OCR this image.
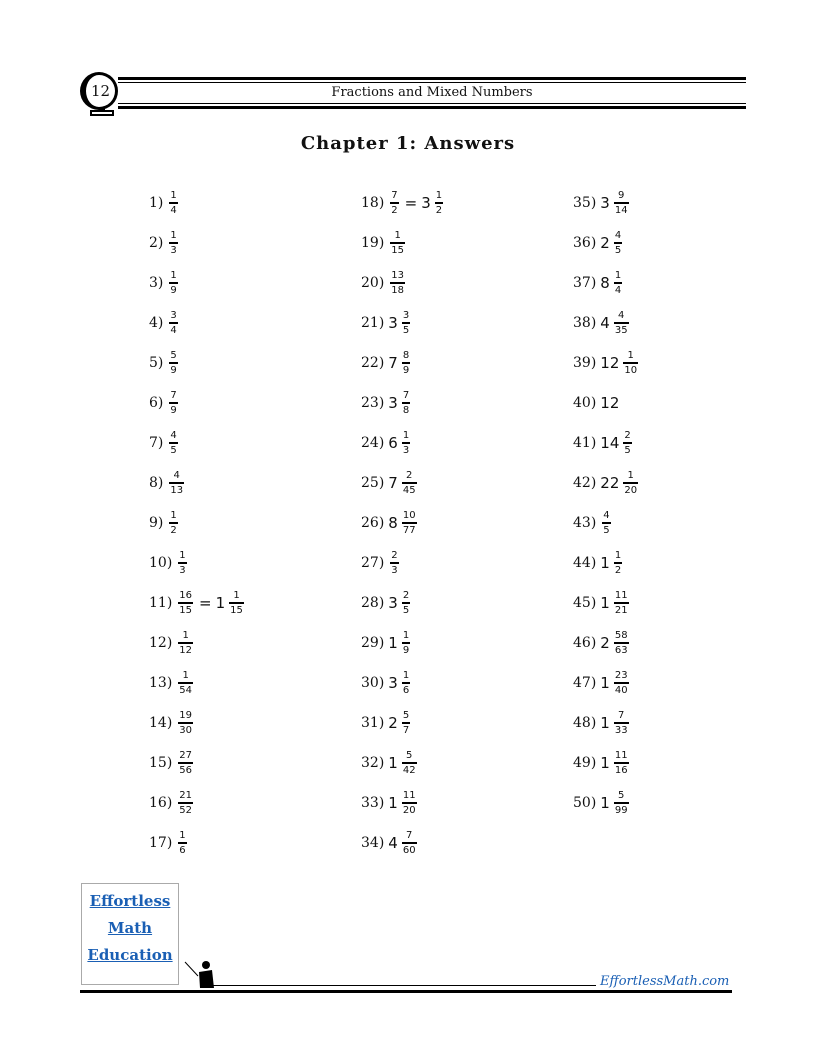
Fractions and Mixed Numbers
12
Chapter 1: Answers
$1) \frac{1}{4}$
$2) \frac{1}{3}$
$3) \frac{1}{9}$
$4) \frac{3}{4}$
$5) \frac{5}{9}$
$6) \frac{7}{9}$
$7) \frac{4}{5}$
$8) \frac{4}{13}$
$9) \frac{1}{2}$
$10) \frac{1}{3}$
$11) \frac{16}{15} = 1 \frac{1}{15}$
$12) \frac{1}{12}$
$13) \frac{1}{54}$
$14) \frac{19}{30}$
$15) \frac{27}{56}$
$16) \frac{21}{52}$
$17) \frac{1}{6}$
$18) \frac{7}{2} = 3 \frac{1}{2}$
$19) \frac{1}{15}$
$20) \frac{13}{18}$
21) $3 \frac{3}{5}$
22) $7 \frac{8}{9}$
23) $3 \frac{7}{8}$
24) $6 \frac{1}{3}$
25) $7 \frac{2}{45}$
26) $8 \frac{10}{77}$
$27) \frac{2}{3}$
28) $3 \frac{2}{5}$
29) $1 \frac{1}{9}$
30) $3 \frac{1}{6}$
31) $2 \frac{5}{7}$
32) $1 \frac{5}{42}$
33) $1 \frac{11}{20}$
34) $4 \frac{7}{60}$
35) $3 \frac{9}{14}$
36) $2 \frac{4}{5}$
37) $8 \frac{1}{4}$
38) $4 \frac{4}{35}$
39) $12 \frac{1}{10}$
40) 12
41) $14 \frac{2}{5}$
42) $22 \frac{1}{20}$
$43) \frac{4}{5}$
44) $1 \frac{1}{2}$
45) $1 \frac{11}{21}$
46) $2 \frac{58}{63}$
47) $1 \frac{23}{40}$
48) $1 \frac{7}{33}$
49) $1 \frac{11}{16}$
50) $1 \frac{5}{99}$
Effortless
Math
Education
EffortlessMath.com
